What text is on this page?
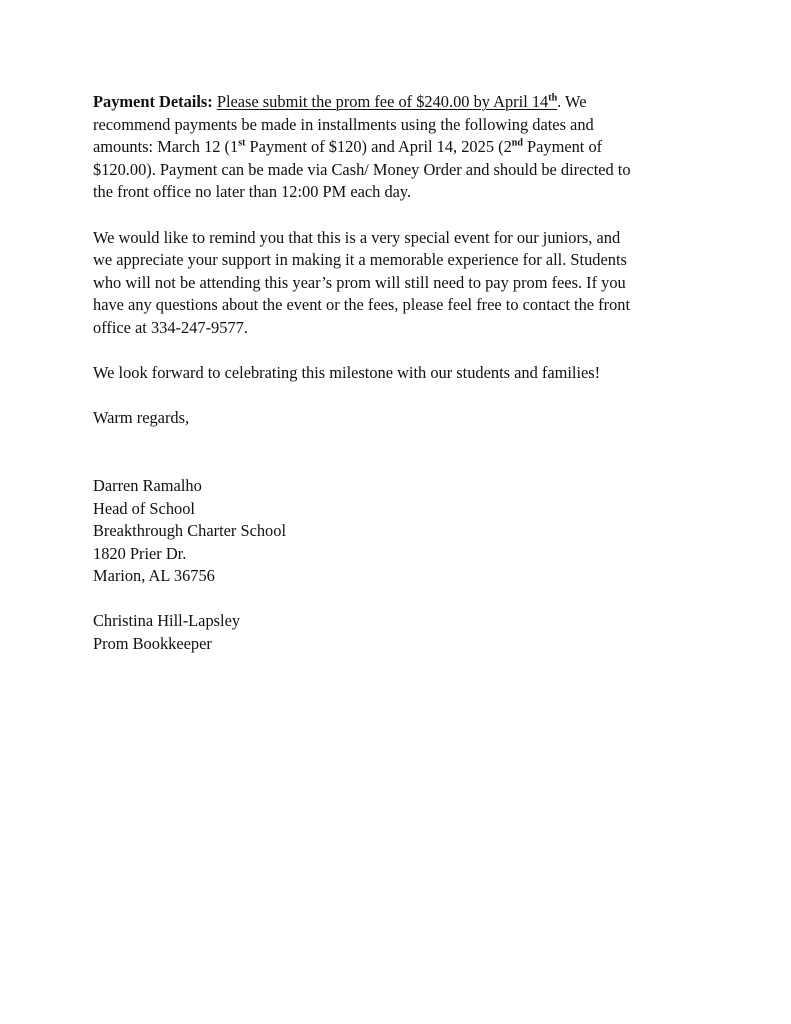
Payment Details: Please submit the prom fee of $240.00 by April 14th. We
recommend payments be made in installments using the following dates and
amounts: March 12 (1st Payment of $120) and April 14, 2025 (2nd Payment of
$120.00). Payment can be made via Cash/ Money Order and should be directed to
the front office no later than 12:00 PM each day.
We would like to remind you that this is a very special event for our juniors, and
we appreciate your support in making it a memorable experience for all. Students
who will not be attending this year’s prom will still need to pay prom fees. If you
have any questions about the event or the fees, please feel free to contact the front
office at 334-247-9577.
We look forward to celebrating this milestone with our students and families!
Warm regards,
Darren Ramalho
Head of School
Breakthrough Charter School
1820 Prier Dr.
Marion, AL 36756
Christina Hill-Lapsley
Prom Bookkeeper
